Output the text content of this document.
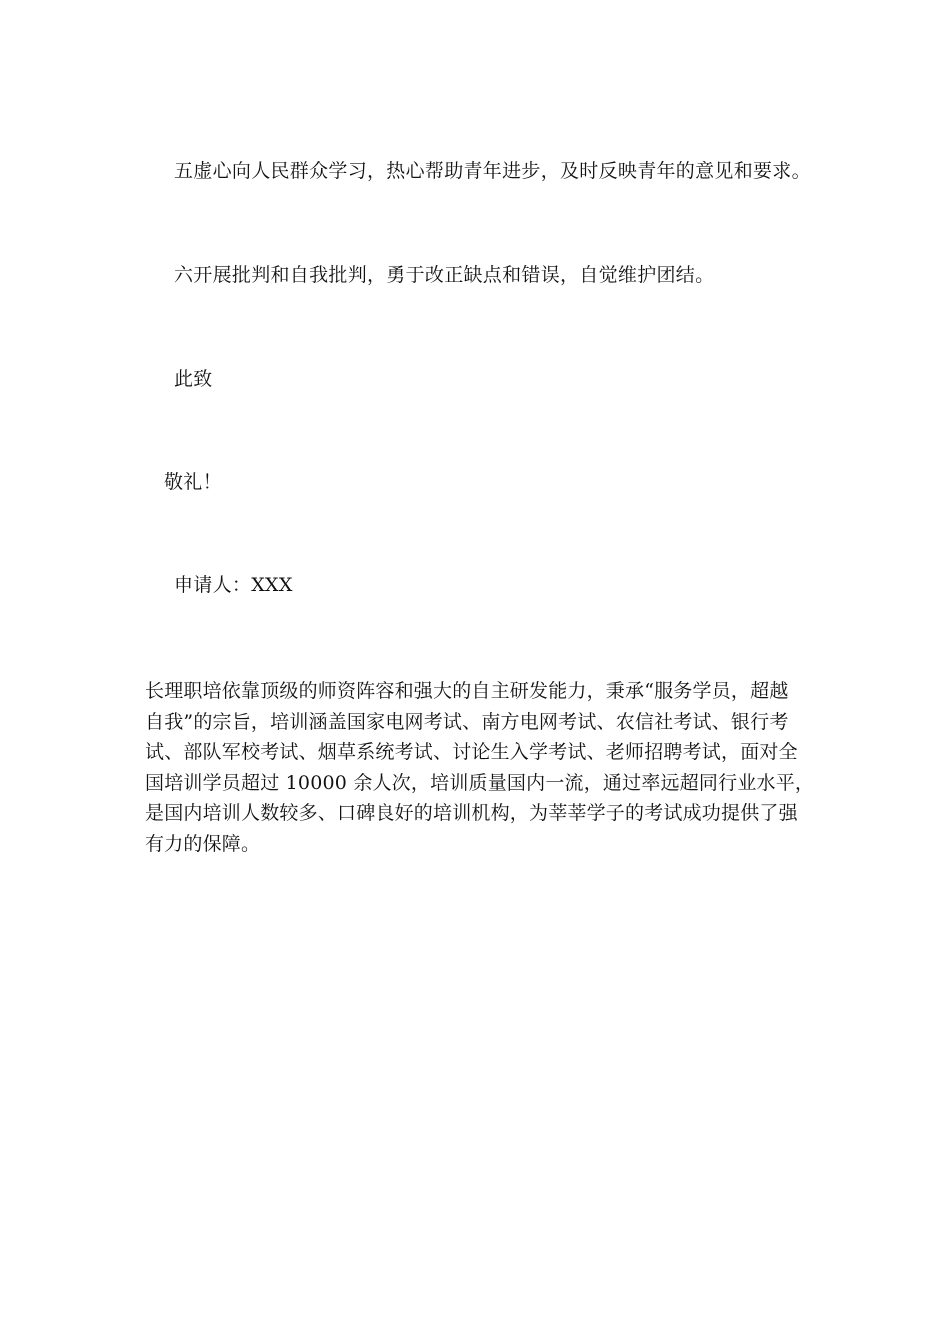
五虚心向人民群众学习，热心帮助青年进步，及时反映青年的意见和要求。
六开展批判和自我批判，勇于改正缺点和错误，自觉维护团结。
此致
敬礼！
申请人：XXX
长理职培依靠顶级的师资阵容和强大的自主研发能力，秉承“服务学员，超越
自我”的宗旨，培训涵盖国家电网考试、南方电网考试、农信社考试、银行考
试、部队军校考试、烟草系统考试、讨论生入学考试、老师招聘考试，面对全
国培训学员超过 10000 余人次，培训质量国内一流，通过率远超同行业水平，
是国内培训人数较多、口碑良好的培训机构，为莘莘学子的考试成功提供了强
有力的保障。
